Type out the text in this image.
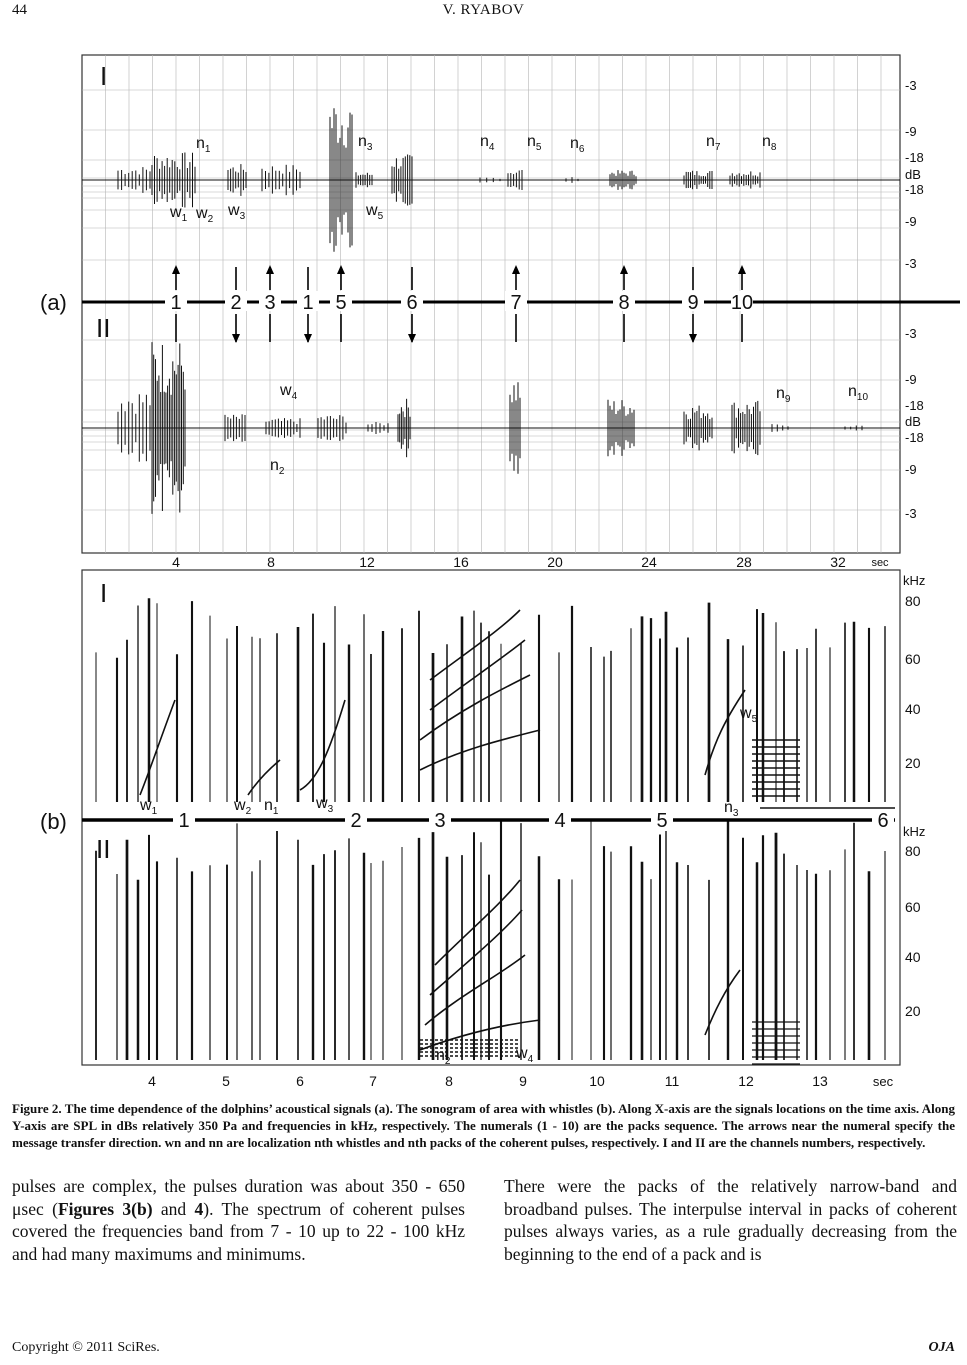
44	V. RYABOV
I
II
(a)
-3
-9
-18
dB
-18
-9
-3
-3
-9
-18
dB
-18
-9
-3
4	8	12	16	20	24	28	32 sec
1 2 3 1 5	6	7	8	9 10
$n_1$	$n_3$	$n_4$ $n_5$ $n_6$	$n_7$	$n_8$
$w_1$ $w_2$
$w_3$	$w_5$
$w_4$
$n_2$
$n_9$	$n_{10}$
I
II
(b)
kHz
kHz
80
80
60
60
40
40
20
20
4	5	6	7	8	9	10	11	12	13	sec
1	2	3	4	5	6
$w_1$	$w_2$ $n_1$ $w_3$	$n_3$
$w_5$
$n_2$	$w_4$
Figure 2. The time dependence of the dolphins’ acoustical signals (a). The sonogram of area with whistles (b). Along X-axis are the signals locations on the time axis. Along Y-axis are SPL in dBs relatively 350 Pa and frequencies in kHz, respectively. The numerals (1 - 10) are the packs sequence. The arrows near the numeral specify the message transfer direction. wn and nn are localization nth whistles and nth packs of the coherent pulses, respectively. I and II are the channels numbers, respectively.
pulses are complex, the pulses duration was about 350 - 650 μsec (Figures 3(b) and 4). The spectrum of coherent pulses covered the frequencies band from 7 - 10 up to 22 - 100 kHz and had many maximums and minimums.
There were the packs of the relatively narrow-band and broadband pulses. The interpulse interval in packs of coherent pulses always varies, as a rule gradually decreasing from the beginning to the end of a pack and is
Copyright © 2011 SciRes.	OJA
